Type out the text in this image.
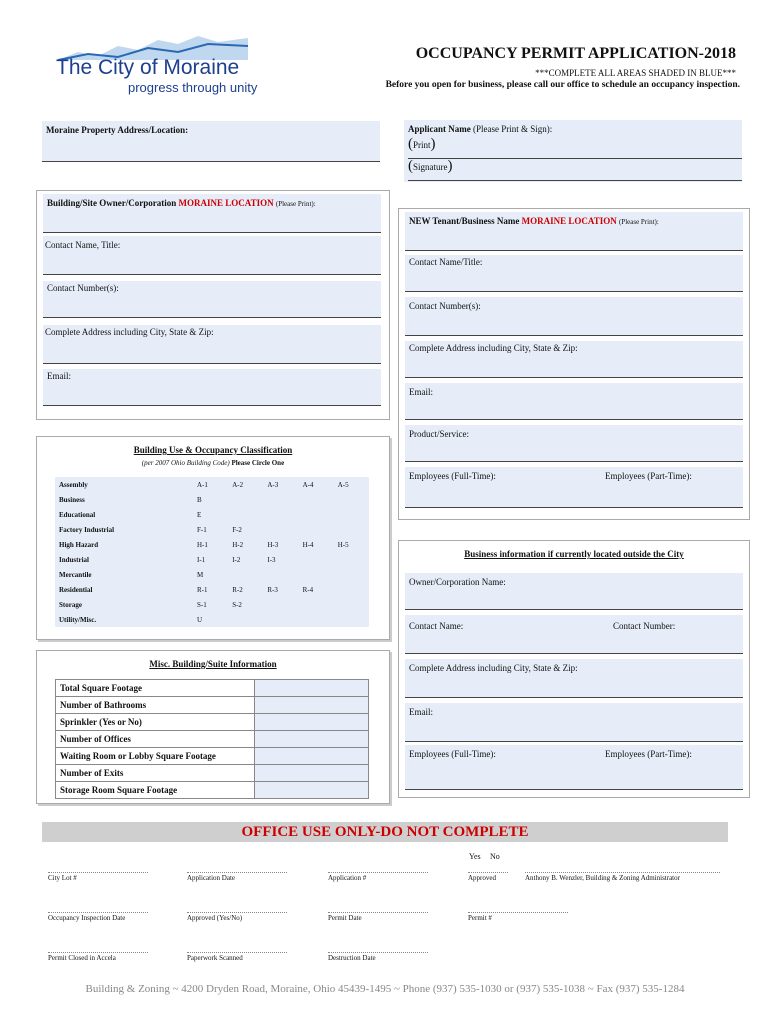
The City of Moraine
progress through unity
OCCUPANCY PERMIT APPLICATION-2018
***COMPLETE ALL AREAS SHADED IN BLUE***
Before you open for business, please call our office to schedule an occupancy inspection.
Moraine Property Address/Location:	Applicant Name (Please Print & Sign):
(Print)
(Signature)
Building/Site Owner/Corporation MORAINE LOCATION (Please Print):
Contact Name, Title:
Contact Number(s):
Complete Address including City, State & Zip:
Email:
NEW Tenant/Business Name MORAINE LOCATION (Please Print):
Contact Name/Title:
Contact Number(s):
Complete Address including City, State & Zip:
Email:
Product/Service:
Employees (Full-Time):	Employees (Part-Time):
Building Use & Occupancy Classification
(per 2007 Ohio Building Code) Please Circle One
Assembly	A-1	A-2	A-3	A-4	A-5
Business	B				
Educational	E				
Factory Industrial	F-1	F-2			
High Hazard	H-1	H-2	H-3	H-4	H-5
Industrial	I-1	I-2	I-3		
Mercantile	M				
Residential	R-1	R-2	R-3	R-4	
Storage	S-1	S-2			
Utility/Misc.	U				
Misc. Building/Suite Information
Total Square Footage	
Number of Bathrooms	
Sprinkler (Yes or No)	
Number of Offices	
Waiting Room or Lobby Square Footage	
Number of Exits	
Storage Room Square Footage	
Business information if currently located outside the City
Owner/Corporation Name:
Contact Name:	Contact Number:
Complete Address including City, State & Zip:
Email:
Employees (Full-Time):	Employees (Part-Time):
OFFICE USE ONLY-DO NOT COMPLETE
Yes No
City Lot #	Application Date	Application #	Approved	Anthony B. Wenzler, Building & Zoning Administrator
Occupancy Inspection Date	Approved (Yes/No)	Permit Date	Permit #
Permit Closed in Accela	Paperwork Scanned	Destruction Date
Building & Zoning ~ 4200 Dryden Road, Moraine, Ohio 45439-1495 ~ Phone (937) 535-1030 or (937) 535-1038 ~ Fax (937) 535-1284
